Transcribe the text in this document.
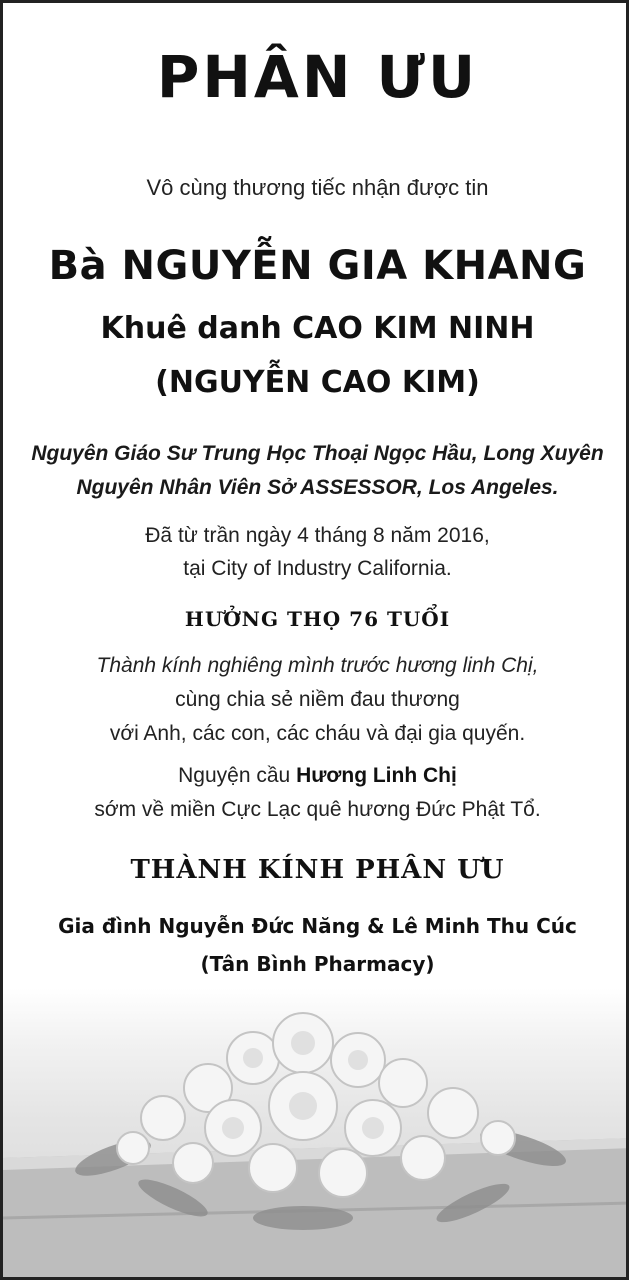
PHÂN ƯU
Vô cùng thương tiếc nhận được tin
Bà NGUYỄN GIA KHANG
Khuê danh CAO KIM NINH
(NGUYỄN CAO KIM)
Nguyên Giáo Sư Trung Học Thoại Ngọc Hầu, Long Xuyên
Nguyên Nhân Viên Sở ASSESSOR, Los Angeles.
Đã từ trần ngày 4 tháng 8 năm 2016,
tại City of Industry California.
HƯỞNG THỌ 76 TUỔI
Thành kính nghiêng mình trước hương linh Chị,
cùng chia sẻ niềm đau thương
với Anh, các con, các cháu và đại gia quyến.
Nguyện cầu Hương Linh Chị
sớm về miền Cực Lạc quê hương Đức Phật Tổ.
THÀNH KÍNH PHÂN ƯU
Gia đình Nguyễn Đức Năng & Lê Minh Thu Cúc
(Tân Bình Pharmacy)
